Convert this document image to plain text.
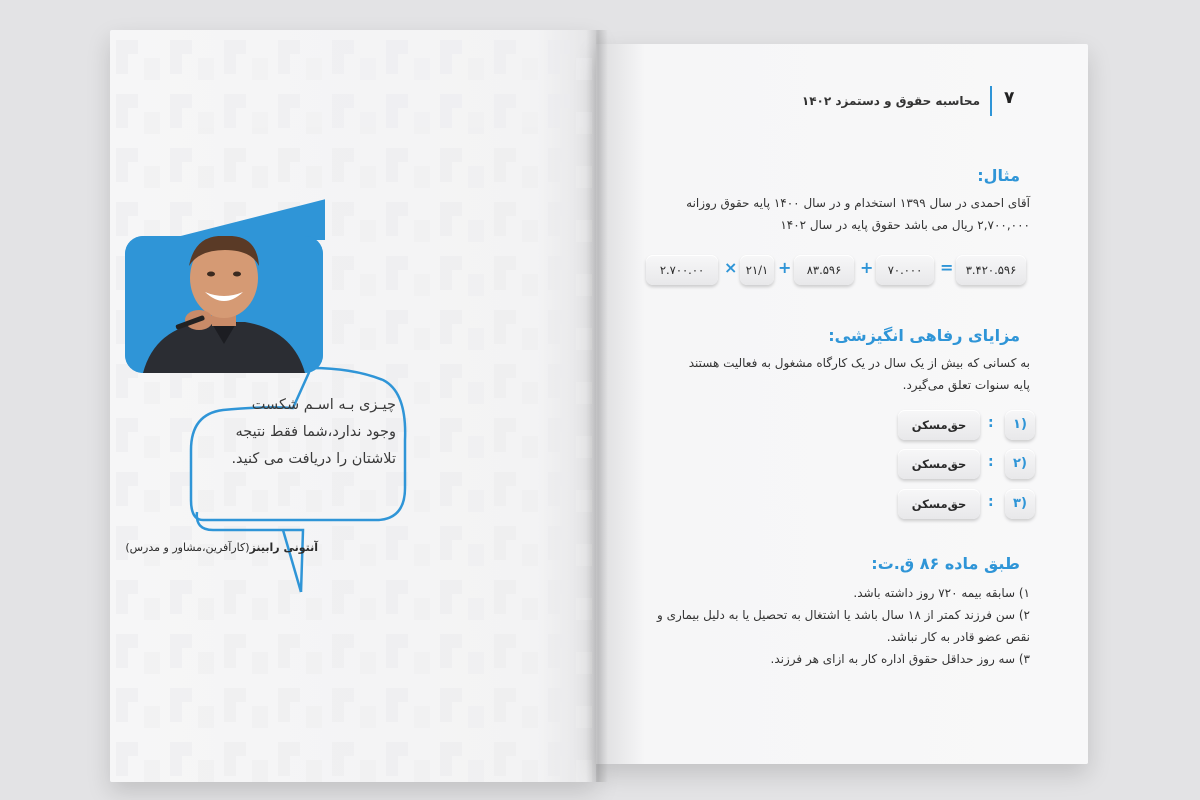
چیـزی بـه اسـم شکست
وجود ندارد،شما فقط نتیجه
تلاشتان را دریافت می کنید.
آنتونی رابینز(کارآفرین،مشاور و مدرس)
۷
محاسبه حقوق و دستمزد ۱۴۰۲
مثال:
آقای احمدی در سال ۱۳۹۹ استخدام و در سال ۱۴۰۰ پایه حقوق روزانه
۲,۷۰۰,۰۰۰ ریال می باشد حقوق پایه در سال ۱۴۰۲
۳.۴۲۰.۵۹۶
=
۷۰.۰۰۰
+
۸۳.۵۹۶
+
۲۱/۱
×
۲.۷۰۰.۰۰
مزایای رفاهی انگیزشی:
به کسانی که بیش از یک سال در یک کارگاه مشغول به فعالیت هستند
پایه سنوات تعلق می‌گیرد.
۱)
:
حق‌مسکن
۲)
:
حق‌مسکن
۳)
:
حق‌مسکن
طبق ماده ۸۶ ق.ت:
۱) سابقه بیمه ۷۲۰ روز داشته باشد.
۲) سن فرزند کمتر از ۱۸ سال باشد یا اشتغال به تحصیل یا به دلیل بیماری و
نقص عضو قادر به کار نباشد.
۳) سه روز حداقل حقوق اداره کار به ازای هر فرزند.
